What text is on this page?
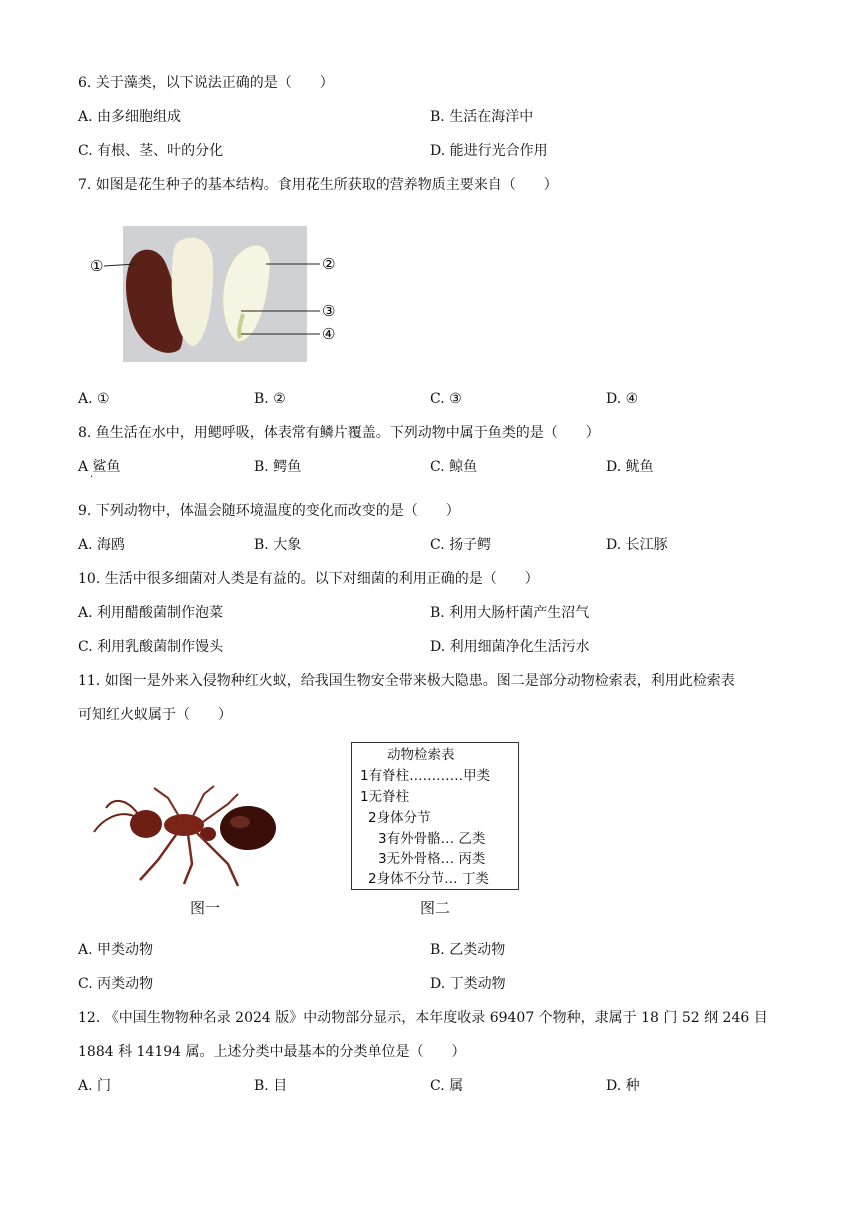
6. 关于藻类，以下说法正确的是（　　）
A. 由多细胞组成	B. 生活在海洋中
C. 有根、茎、叶的分化	D. 能进行光合作用
7. 如图是花生种子的基本结构。食用花生所获取的营养物质主要来自（　　）
①	②
③
④
A. ①	B. ②	C. ③	D. ④
8. 鱼生活在水中，用鳃呼吸，体表常有鳞片覆盖。下列动物中属于鱼类的是（　　）
A 鲨鱼
·
B. 鳄鱼	C. 鲸鱼	D. 鱿鱼
9. 下列动物中，体温会随环境温度的变化而改变的是（　　）
A. 海鸥	B. 大象	C. 扬子鳄	D. 长江豚
10. 生活中很多细菌对人类是有益的。以下对细菌的利用正确的是（　　）
A. 利用醋酸菌制作泡菜	B. 利用大肠杆菌产生沼气
C. 利用乳酸菌制作馒头	D. 利用细菌净化生活污水
11. 如图一是外来入侵物种红火蚁，给我国生物安全带来极大隐患。图二是部分动物检索表，利用此检索表
可知红火蚁属于（　　）
图一
动物检索表
1有脊柱…………甲类
1无脊柱
2身体分节
3有外骨骼… 乙类
3无外骨格… 丙类
2身体不分节… 丁类
图二
A. 甲类动物	B. 乙类动物
C. 丙类动物	D. 丁类动物
12. 《中国生物物种名录 2024 版》中动物部分显示，本年度收录 69407 个物种，隶属于 18 门 52 纲 246 目
1884 科 14194 属。上述分类中最基本的分类单位是（　　）
A. 门	B. 目	C. 属	D. 种
